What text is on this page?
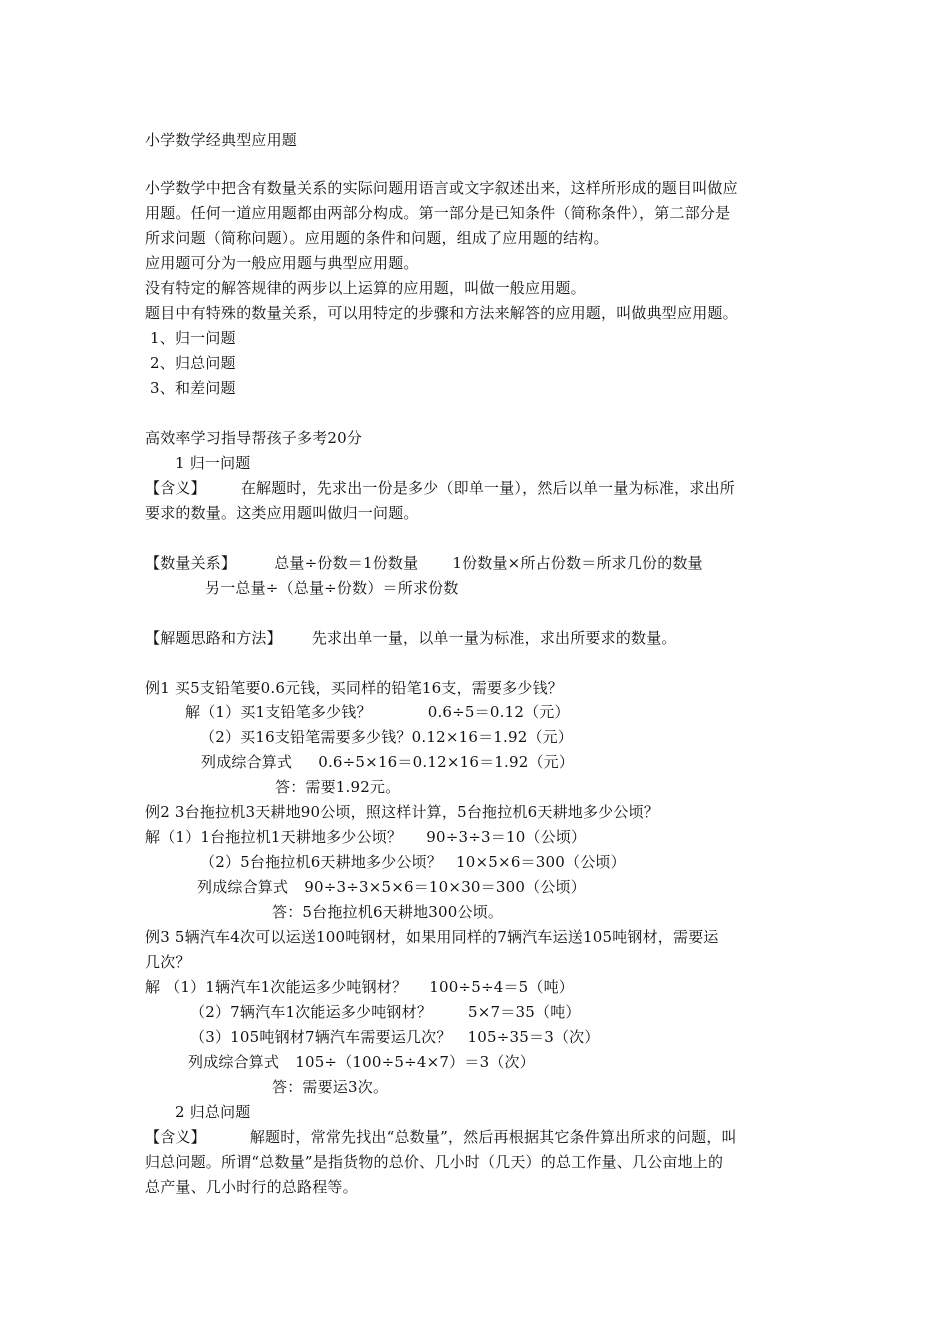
小学数学经典型应用题
小学数学中把含有数量关系的实际问题用语言或文字叙述出来，这样所形成的题目叫做应
用题。任何一道应用题都由两部分构成。第一部分是已知条件（简称条件），第二部分是
所求问题（简称问题）。应用题的条件和问题，组成了应用题的结构。
应用题可分为一般应用题与典型应用题。
没有特定的解答规律的两步以上运算的应用题，叫做一般应用题。
题目中有特殊的数量关系，可以用特定的步骤和方法来解答的应用题，叫做典型应用题。
1、归一问题
2、归总问题
3、和差问题
高效率学习指导帮孩子多考20分
1 归一问题
【含义】 在解题时，先求出一份是多少（即单一量），然后以单一量为标准，求出所
要求的数量。这类应用题叫做归一问题。
【数量关系】	总量÷份数＝1份数量 1份数量×所占份数＝所求几份的数量
另一总量÷（总量÷份数）＝所求份数
【解题思路和方法】 先求出单一量，以单一量为标准，求出所要求的数量。
例1 买5支铅笔要0.6元钱，买同样的铅笔16支，需要多少钱？
解（1）买1支铅笔多少钱？	0.6÷5＝0.12（元）
（2）买16支铅笔需要多少钱？0.12×16＝1.92（元）
列成综合算式 0.6÷5×16＝0.12×16＝1.92（元）
答：需要1.92元。
例2 3台拖拉机3天耕地90公顷，照这样计算，5台拖拉机6天耕地多少公顷？
解（1）1台拖拉机1天耕地多少公顷？ 90÷3÷3＝10（公顷）
（2）5台拖拉机6天耕地多少公顷？ 10×5×6＝300（公顷）
列成综合算式 90÷3÷3×5×6＝10×30＝300（公顷）
答：5台拖拉机6天耕地300公顷。
例3 5辆汽车4次可以运送100吨钢材，如果用同样的7辆汽车运送105吨钢材，需要运
几次？
解 （1）1辆汽车1次能运多少吨钢材？ 100÷5÷4＝5（吨）
（2）7辆汽车1次能运多少吨钢材？ 5×7＝35（吨）
（3）105吨钢材7辆汽车需要运几次？ 105÷35＝3（次）
列成综合算式 105÷（100÷5÷4×7）＝3（次）
答：需要运3次。
2 归总问题
【含义】	解题时，常常先找出“总数量”，然后再根据其它条件算出所求的问题，叫
归总问题。所谓“总数量”是指货物的总价、几小时（几天）的总工作量、几公亩地上的
总产量、几小时行的总路程等。
